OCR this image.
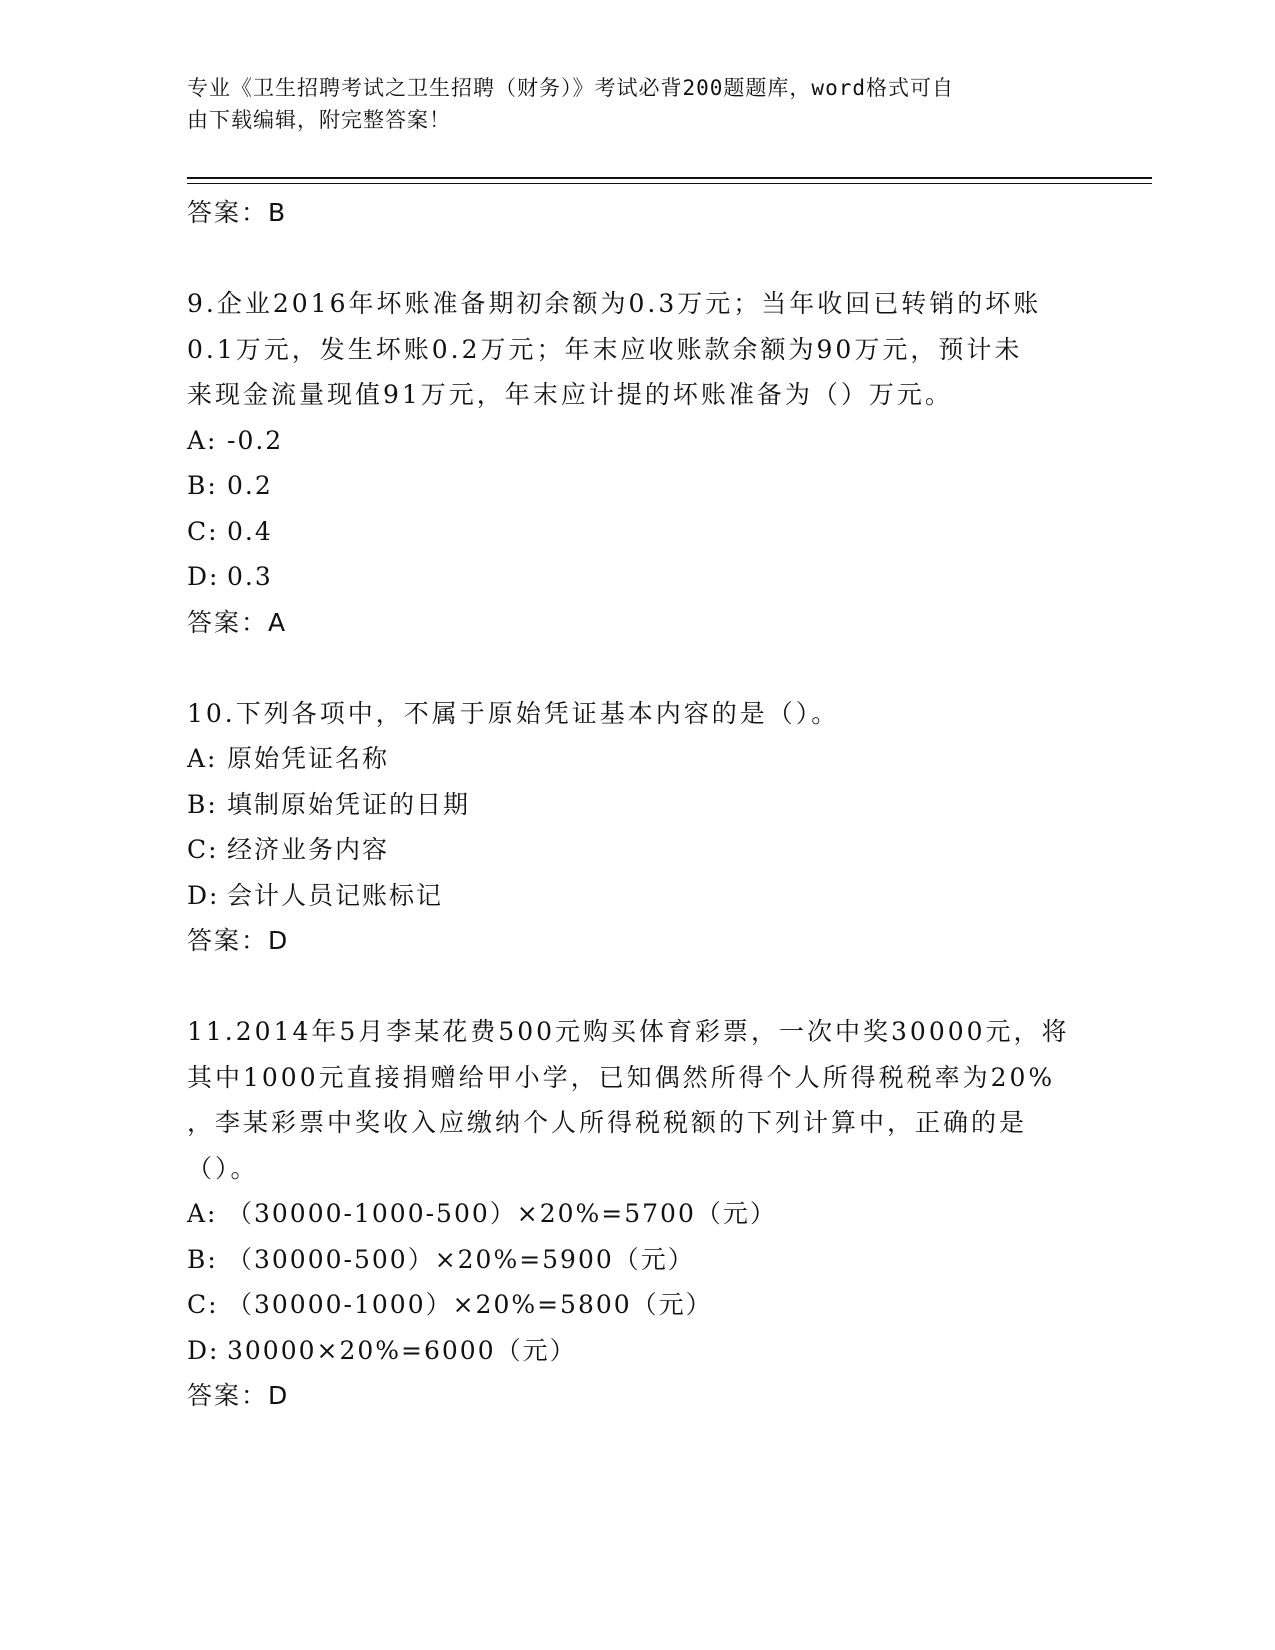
专业《卫生招聘考试之卫生招聘（财务）》考试必背200题题库，word格式可自
由下载编辑，附完整答案！
答案：B
9.企业2016年坏账准备期初余额为0.3万元；当年收回已转销的坏账
0.1万元，发生坏账0.2万元；年末应收账款余额为90万元，预计未
来现金流量现值91万元，年末应计提的坏账准备为（）万元。
A: -0.2
B: 0.2
C: 0.4
D: 0.3
答案：A
10.下列各项中，不属于原始凭证基本内容的是（）。
A: 原始凭证名称
B: 填制原始凭证的日期
C: 经济业务内容
D: 会计人员记账标记
答案：D
11.2014年5月李某花费500元购买体育彩票，一次中奖30000元，将
其中1000元直接捐赠给甲小学，已知偶然所得个人所得税税率为20%
，李某彩票中奖收入应缴纳个人所得税税额的下列计算中，正确的是
（）。
A: （30000-1000-500）×20%=5700（元）
B: （30000-500）×20%=5900（元）
C: （30000-1000）×20%=5800（元）
D: 30000×20%=6000（元）
答案：D
